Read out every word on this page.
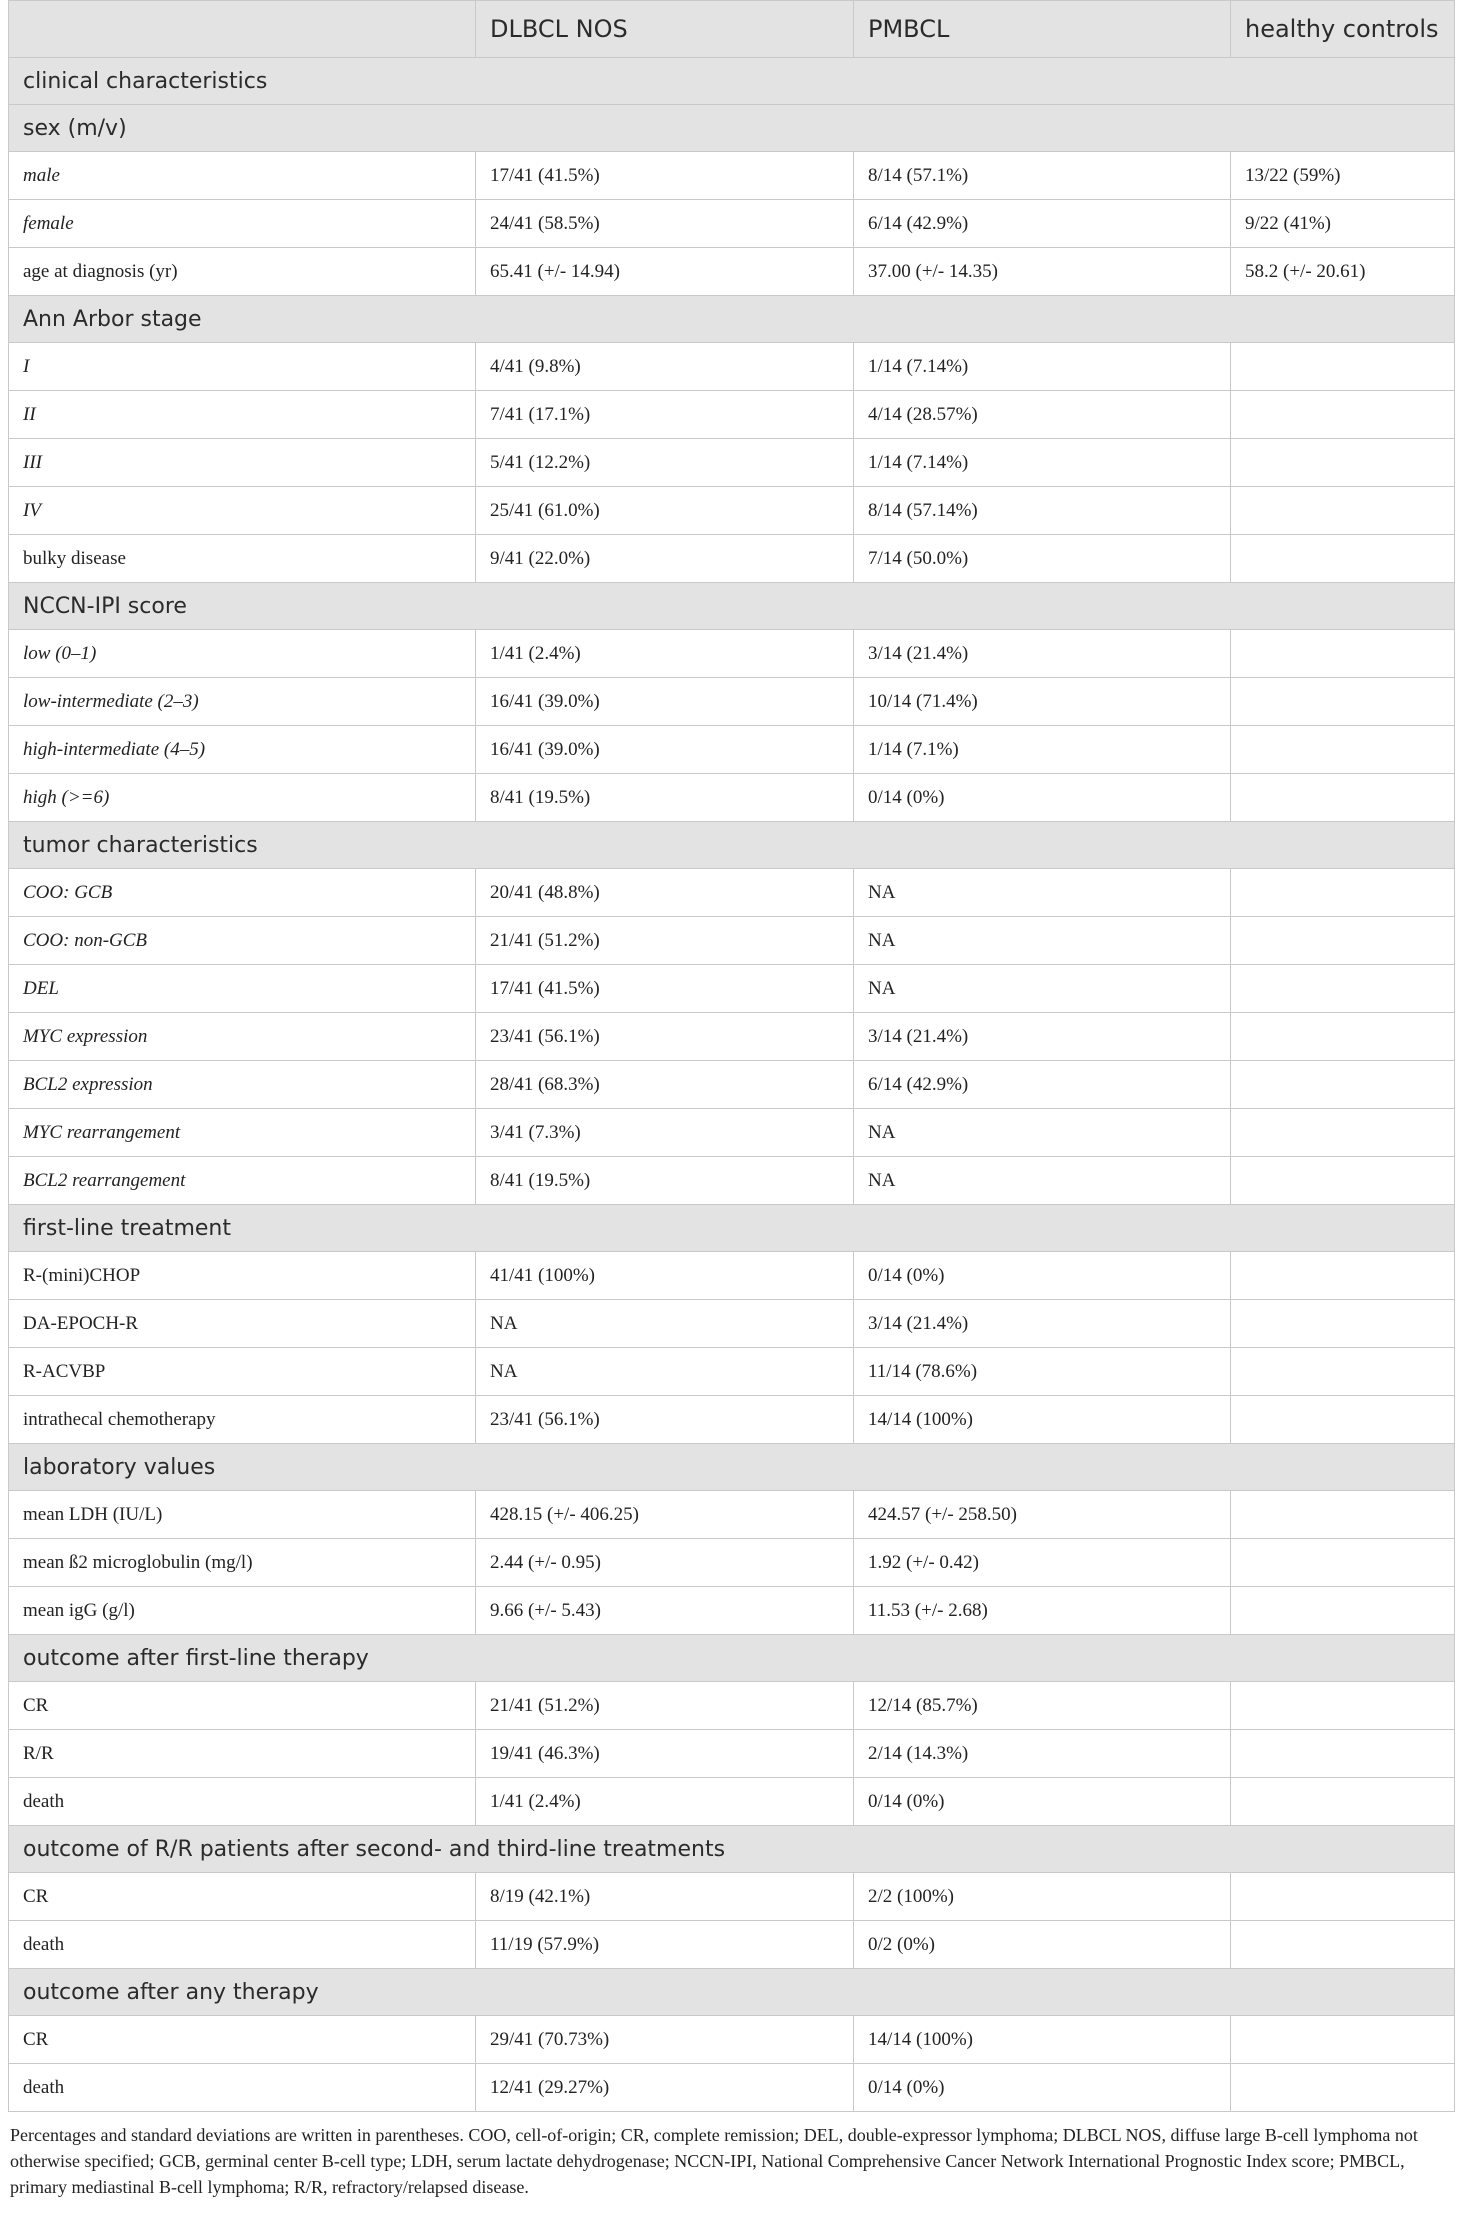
	DLBCL NOS	PMBCL	healthy controls
clinical characteristics			
sex (m/v)			
male	17/41 (41.5%)	8/14 (57.1%)	13/22 (59%)
female	24/41 (58.5%)	6/14 (42.9%)	9/22 (41%)
age at diagnosis (yr)	65.41 (+/- 14.94)	37.00 (+/- 14.35)	58.2 (+/- 20.61)
Ann Arbor stage			
I	4/41 (9.8%)	1/14 (7.14%)	
II	7/41 (17.1%)	4/14 (28.57%)	
III	5/41 (12.2%)	1/14 (7.14%)	
IV	25/41 (61.0%)	8/14 (57.14%)	
bulky disease	9/41 (22.0%)	7/14 (50.0%)	
NCCN-IPI score			
low (0–1)	1/41 (2.4%)	3/14 (21.4%)	
low-intermediate (2–3)	16/41 (39.0%)	10/14 (71.4%)	
high-intermediate (4–5)	16/41 (39.0%)	1/14 (7.1%)	
high (>=6)	8/41 (19.5%)	0/14 (0%)	
tumor characteristics			
COO: GCB	20/41 (48.8%)	NA	
COO: non-GCB	21/41 (51.2%)	NA	
DEL	17/41 (41.5%)	NA	
MYC expression	23/41 (56.1%)	3/14 (21.4%)	
BCL2 expression	28/41 (68.3%)	6/14 (42.9%)	
MYC rearrangement	3/41 (7.3%)	NA	
BCL2 rearrangement	8/41 (19.5%)	NA	
first-line treatment			
R-(mini)CHOP	41/41 (100%)	0/14 (0%)	
DA-EPOCH-R	NA	3/14 (21.4%)	
R-ACVBP	NA	11/14 (78.6%)	
intrathecal chemotherapy	23/41 (56.1%)	14/14 (100%)	
laboratory values			
mean LDH (IU/L)	428.15 (+/- 406.25)	424.57 (+/- 258.50)	
mean ß2 microglobulin (mg/l)	2.44 (+/- 0.95)	1.92 (+/- 0.42)	
mean igG (g/l)	9.66 (+/- 5.43)	11.53 (+/- 2.68)	
outcome after first-line therapy			
CR	21/41 (51.2%)	12/14 (85.7%)	
R/R	19/41 (46.3%)	2/14 (14.3%)	
death	1/41 (2.4%)	0/14 (0%)	
outcome of R/R patients after second- and third-line treatments			
CR	8/19 (42.1%)	2/2 (100%)	
death	11/19 (57.9%)	0/2 (0%)	
outcome after any therapy			
CR	29/41 (70.73%)	14/14 (100%)	
death	12/41 (29.27%)	0/14 (0%)	

Percentages and standard deviations are written in parentheses. COO, cell-of-origin; CR, complete remission; DEL, double-expressor lymphoma; DLBCL NOS, diffuse large B-cell lymphoma not otherwise specified; GCB, germinal center B-cell type; LDH, serum lactate dehydrogenase; NCCN-IPI, National Comprehensive Cancer Network International Prognostic Index score; PMBCL, primary mediastinal B-cell lymphoma; R/R, refractory/relapsed disease.
